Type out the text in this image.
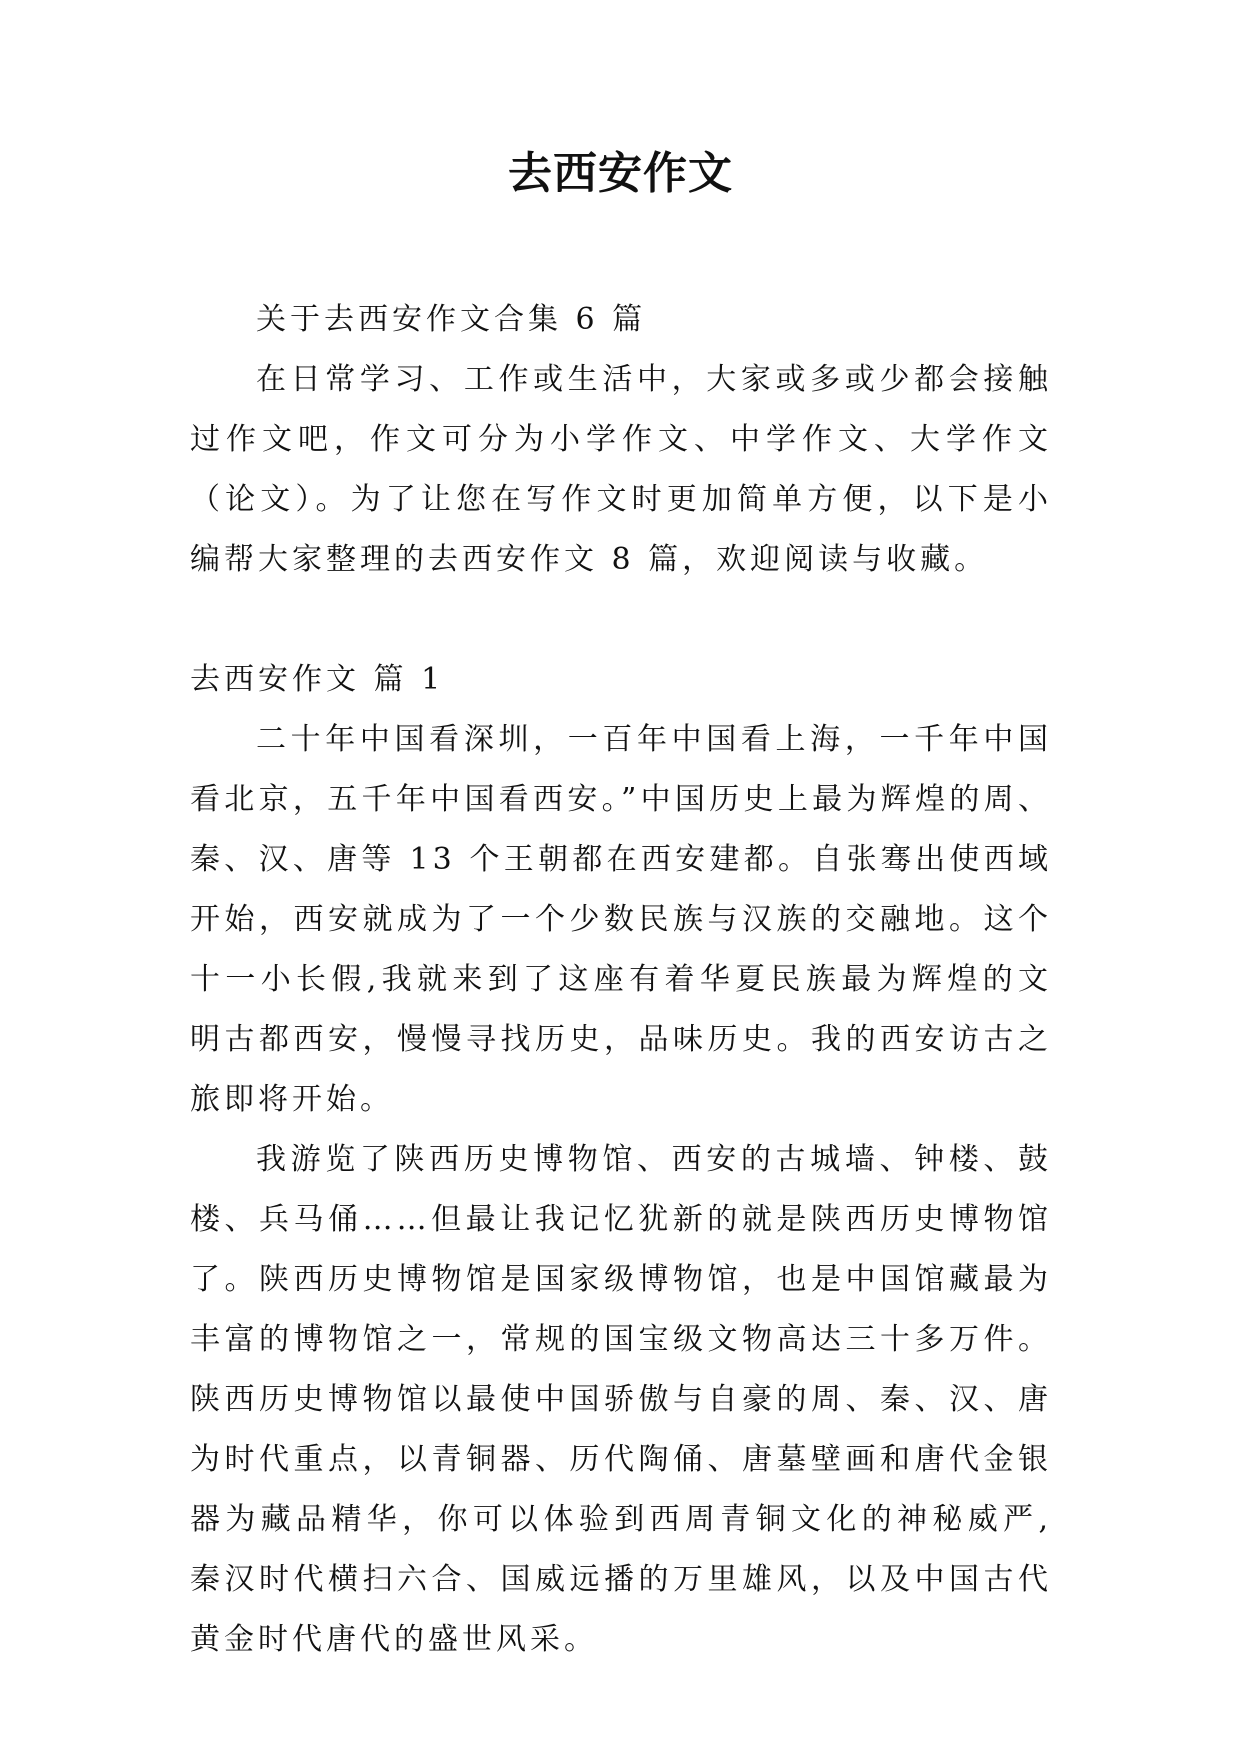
去西安作文

关于去西安作文合集 6 篇

在日常学习、工作或生活中，大家或多或少都会接触过作文吧，作文可分为小学作文、中学作文、大学作文（论文）。为了让您在写作文时更加简单方便，以下是小编帮大家整理的去西安作文 8 篇，欢迎阅读与收藏。

去西安作文 篇 1

二十年中国看深圳，一百年中国看上海，一千年中国看北京，五千年中国看西安。”中国历史上最为辉煌的周、秦、汉、唐等 13 个王朝都在西安建都。自张骞出使西域开始，西安就成为了一个少数民族与汉族的交融地。这个十一小长假,我就来到了这座有着华夏民族最为辉煌的文明古都西安，慢慢寻找历史，品味历史。我的西安访古之旅即将开始。

我游览了陕西历史博物馆、西安的古城墙、钟楼、鼓楼、兵马俑……但最让我记忆犹新的就是陕西历史博物馆了。陕西历史博物馆是国家级博物馆，也是中国馆藏最为丰富的博物馆之一，常规的国宝级文物高达三十多万件。陕西历史博物馆以最使中国骄傲与自豪的周、秦、汉、唐为时代重点，以青铜器、历代陶俑、唐墓壁画和唐代金银器为藏品精华，你可以体验到西周青铜文化的神秘威严,秦汉时代横扫六合、国威远播的万里雄风，以及中国古代黄金时代唐代的盛世风采。
